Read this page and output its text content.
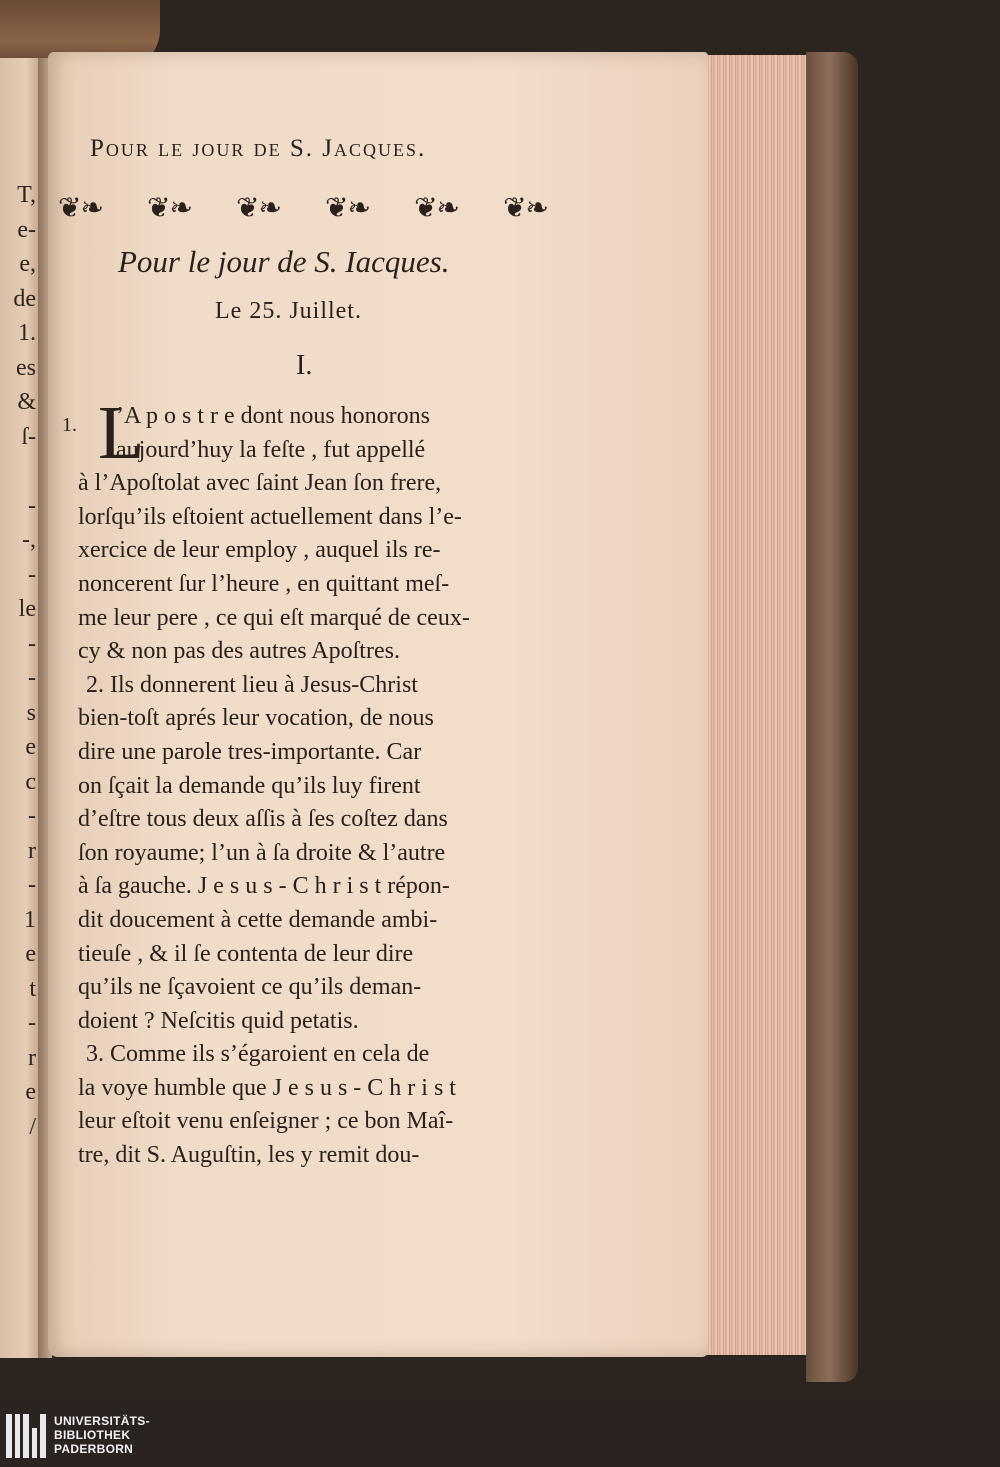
T,
e-
e,
de
1.
es
&
ſ-
-
-,
-
le
-
-
s
e
c
-
r
-
1
e
t
-
r
e
/
Pour le jour de S. Jacques.
❦❧ ❦❧ ❦❧ ❦❧ ❦❧ ❦❧
Pour le jour de S. Iacques.
Le 25. Juillet.
I.
1. L
’A p o s t r e dont nous honorons
aujourd’huy la feſte , fut appellé
à l’Apoſtolat avec ſaint Jean ſon frere,
lorſqu’ils eſtoient actuellement dans l’e-
xercice de leur employ , auquel ils re-
noncerent ſur l’heure , en quittant meſ-
me leur pere , ce qui eſt marqué de ceux-
cy & non pas des autres Apoſtres.
2. Ils donnerent lieu à Jesus-Christ
bien-toſt aprés leur vocation, de nous
dire une parole tres-importante. Car
on ſçait la demande qu’ils luy firent
d’eſtre tous deux aſſis à ſes coſtez dans
ſon royaume; l’un à ſa droite & l’autre
à ſa gauche. J e s u s - C h r i s t répon-
dit doucement à cette demande ambi-
tieuſe , & il ſe contenta de leur dire
qu’ils ne ſçavoient ce qu’ils deman-
doient ? Neſcitis quid petatis.
3. Comme ils s’égaroient en cela de
la voye humble que J e s u s - C h r i s t
leur eſtoit venu enſeigner ; ce bon Maî-
tre, dit S. Auguſtin, les y remit dou-
UNIVERSITÄTS-
BIBLIOTHEK
PADERBORN
